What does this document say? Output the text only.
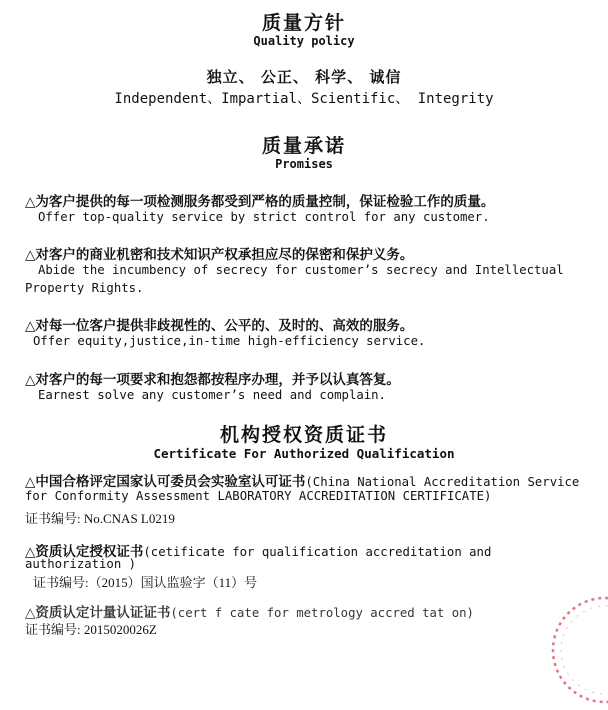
质量方针
Quality policy
独立、 公正、 科学、 诚信
Independent、Impartial、Scientific、 Integrity
质量承诺
Promises
△为客户提供的每一项检测服务都受到严格的质量控制，保证检验工作的质量。
Offer top-quality service by strict control for any customer.
△对客户的商业机密和技术知识产权承担应尽的保密和保护义务。
Abide the incumbency of secrecy for customer’s secrecy and Intellectual
Property Rights.
△对每一位客户提供非歧视性的、公平的、及时的、高效的服务。
Offer equity,justice,in-time high-efficiency service.
△对客户的每一项要求和抱怨都按程序办理，并予以认真答复。
Earnest solve any customer’s need and complain.
机构授权资质证书
Certificate For Authorized Qualification
△中国合格评定国家认可委员会实验室认可证书(China National Accreditation Service
for Conformity Assessment LABORATORY ACCREDITATION CERTIFICATE)
证书编号: No.CNAS L0219
△资质认定授权证书(cetificate for qualification accreditation and
authorization )
证书编号:（2015）国认监验字（11）号
△资质认定计量认证证书(cert f cate for metrology accred tat on)
证书编号: 2015020026Z
